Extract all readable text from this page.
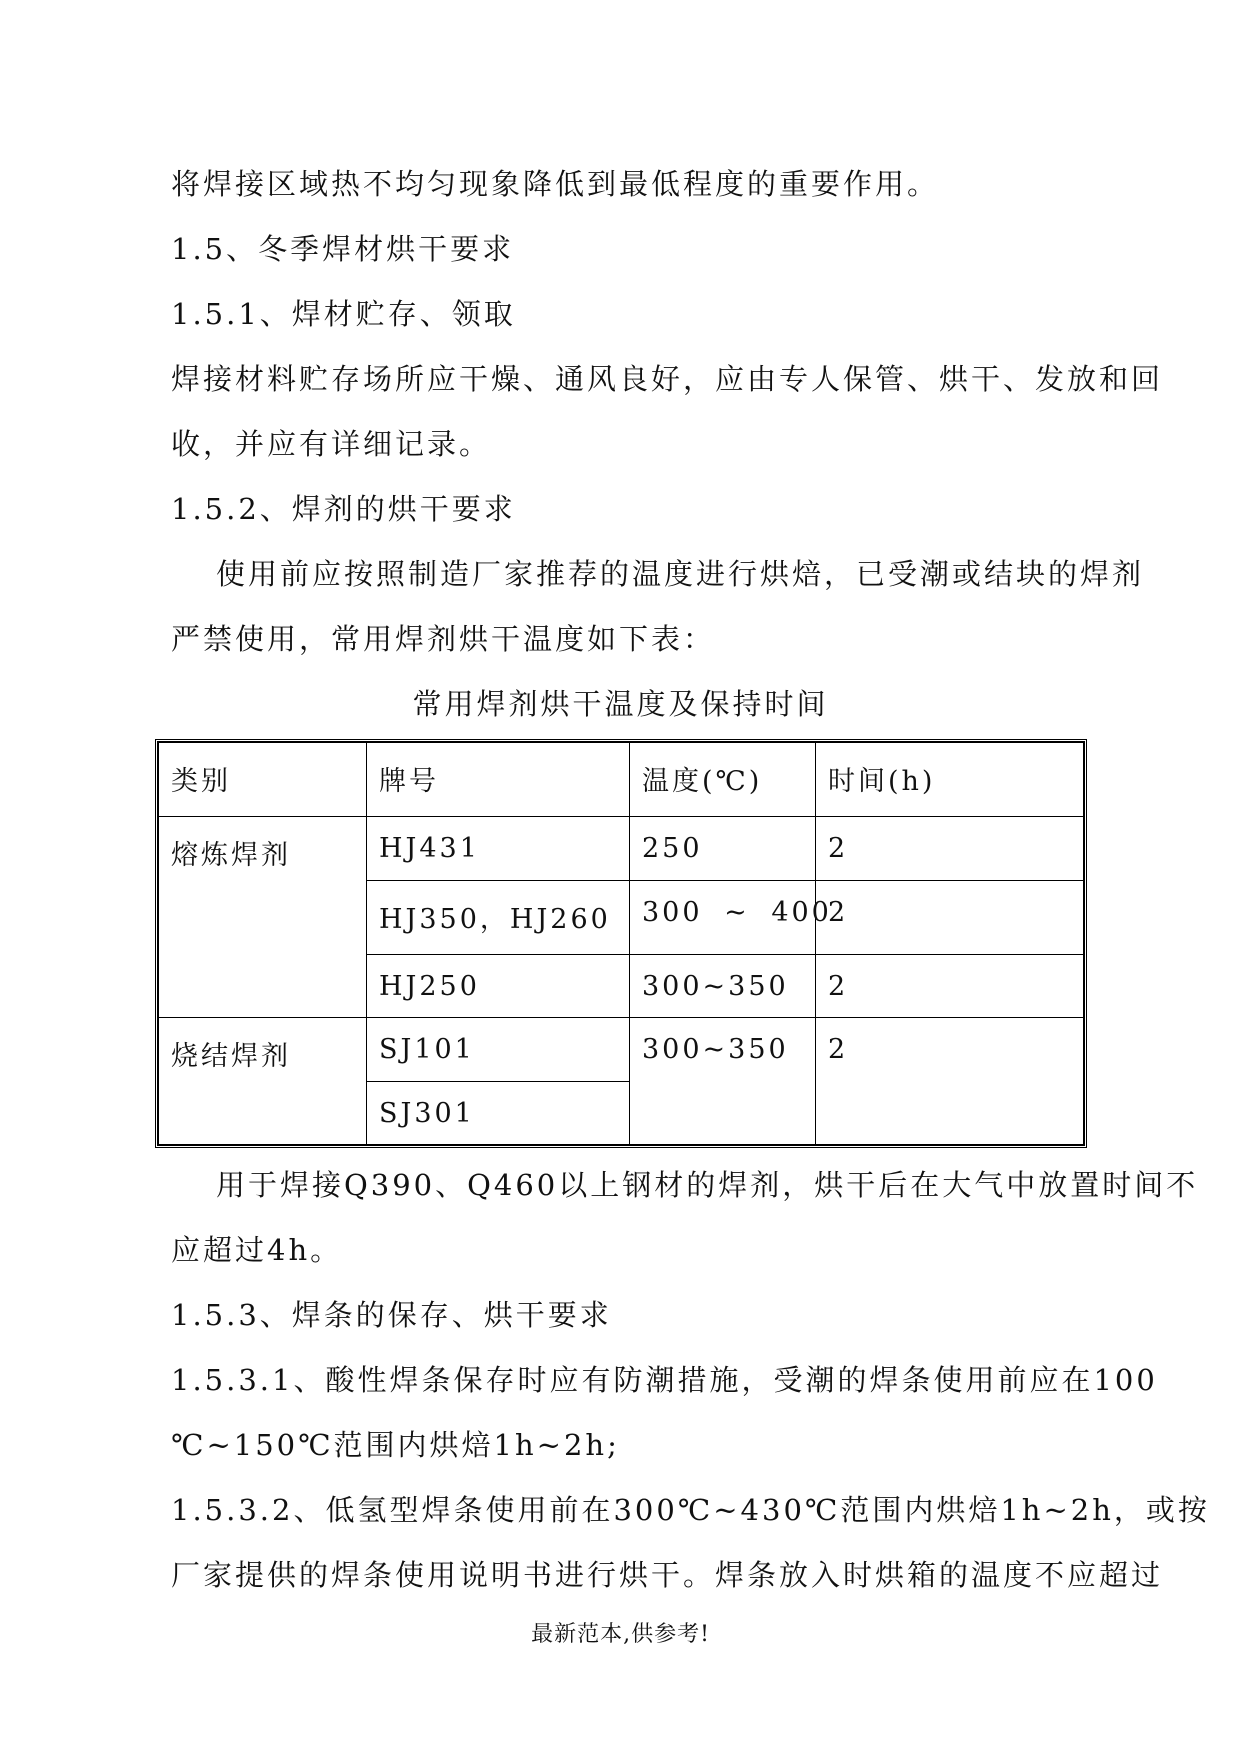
将焊接区域热不均匀现象降低到最低程度的重要作用。
1.5、冬季焊材烘干要求
1.5.1、焊材贮存、领取
焊接材料贮存场所应干燥、通风良好，应由专人保管、烘干、发放和回
收，并应有详细记录。
1.5.2、焊剂的烘干要求
使用前应按照制造厂家推荐的温度进行烘焙，已受潮或结块的焊剂
严禁使用，常用焊剂烘干温度如下表：
常用焊剂烘干温度及保持时间
类别	牌号	温度(℃)	时间(h)
熔炼焊剂	HJ431	250	2
	HJ350，HJ260	300 ~ 400	2
	HJ250	300~350	2
烧结焊剂	SJ101	300~350	2
	SJ301		
用于焊接Q390、Q460以上钢材的焊剂，烘干后在大气中放置时间不
应超过4h。
1.5.3、焊条的保存、烘干要求
1.5.3.1、酸性焊条保存时应有防潮措施，受潮的焊条使用前应在100
℃~150℃范围内烘焙1h~2h;
1.5.3.2、低氢型焊条使用前在300℃~430℃范围内烘焙1h~2h，或按
厂家提供的焊条使用说明书进行烘干。焊条放入时烘箱的温度不应超过
最新范本,供参考!
